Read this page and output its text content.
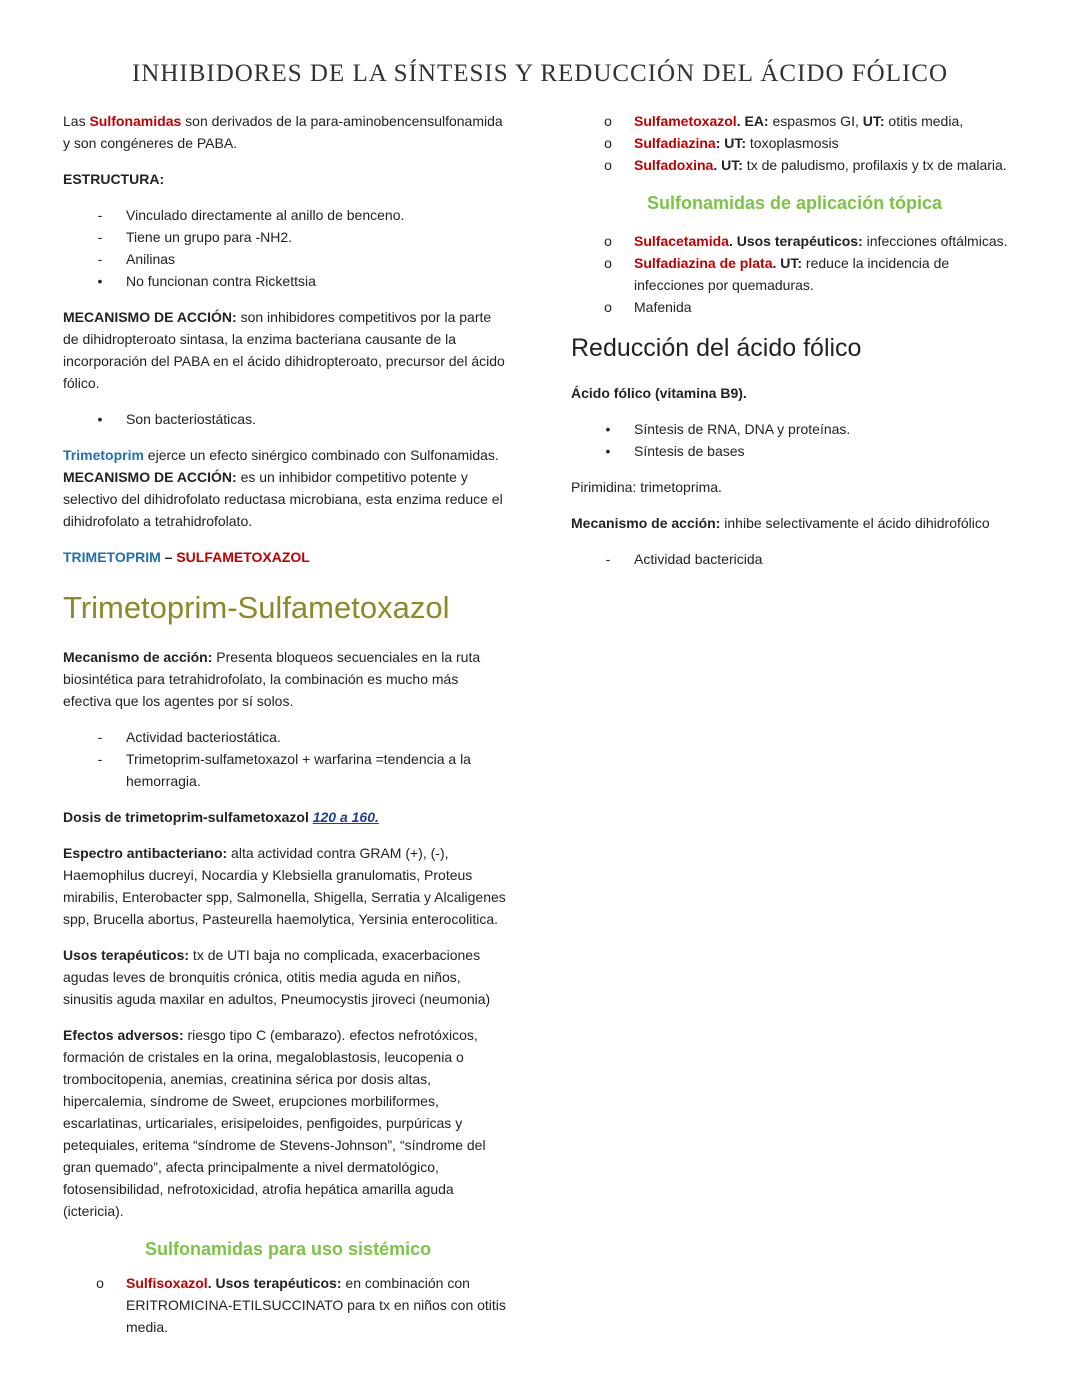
INHIBIDORES DE LA SÍNTESIS Y REDUCCIÓN DEL ÁCIDO FÓLICO

Las Sulfonamidas son derivados de la para-aminobencensulfonamida y son congéneres de PABA.

ESTRUCTURA:

-	Vinculado directamente al anillo de benceno.
-	Tiene un grupo para -NH2.
-	Anilinas
•	No funcionan contra Rickettsia

MECANISMO DE ACCIÓN: son inhibidores competitivos por la parte de dihidropteroato sintasa, la enzima bacteriana causante de la incorporación del PABA en el ácido dihidropteroato, precursor del ácido fólico.

•	Son bacteriostáticas.

Trimetoprim ejerce un efecto sinérgico combinado con Sulfonamidas.
MECANISMO DE ACCIÓN: es un inhibidor competitivo potente y selectivo del dihidrofolato reductasa microbiana, esta enzima reduce el dihidrofolato a tetrahidrofolato.

TRIMETOPRIM – SULFAMETOXAZOL

Trimetoprim-Sulfametoxazol

Mecanismo de acción: Presenta bloqueos secuenciales en la ruta biosintética para tetrahidrofolato, la combinación es mucho más efectiva que los agentes por sí solos.

-	Actividad bacteriostática.
-	Trimetoprim-sulfametoxazol + warfarina =tendencia a la hemorragia.

Dosis de trimetoprim-sulfametoxazol 120 a 160.

Espectro antibacteriano: alta actividad contra GRAM (+), (-), Haemophilus ducreyi, Nocardia y Klebsiella granulomatis, Proteus mirabilis, Enterobacter spp, Salmonella, Shigella, Serratia y Alcaligenes spp, Brucella abortus, Pasteurella haemolytica, Yersinia enterocolitica.

Usos terapéuticos: tx de UTI baja no complicada, exacerbaciones agudas leves de bronquitis crónica, otitis media aguda en niños, sinusitis aguda maxilar en adultos, Pneumocystis jiroveci (neumonia)

Efectos adversos: riesgo tipo C (embarazo). efectos nefrotóxicos, formación de cristales en la orina, megaloblastosis, leucopenia o trombocitopenia, anemias, creatinina sérica por dosis altas, hipercalemia, síndrome de Sweet, erupciones morbiliformes, escarlatinas, urticariales, erisipeloides, penfigoides, purpúricas y petequiales, eritema “síndrome de Stevens-Johnson”, “síndrome del gran quemado”, afecta principalmente a nivel dermatológico, fotosensibilidad, nefrotoxicidad, atrofia hepática amarilla aguda (ictericia).

Sulfonamidas para uso sistémico
o Sulfisoxazol. Usos terapéuticos: en combinación con ERITROMICINA-ETILSUCCINATO para tx en niños con otitis media.
o Sulfametoxazol. EA: espasmos GI, UT: otitis media,
o Sulfadiazina: UT: toxoplasmosis
o Sulfadoxina. UT: tx de paludismo, profilaxis y tx de malaria.
Sulfonamidas de aplicación tópica
o Sulfacetamida. Usos terapéuticos: infecciones oftálmicas.
o Sulfadiazina de plata. UT: reduce la incidencia de infecciones por quemaduras.
o Mafenida
Reducción del ácido fólico

Ácido fólico (vitamina B9).

•	Síntesis de RNA, DNA y proteínas.
•	Síntesis de bases

Pirimidina: trimetoprima.

Mecanismo de acción: inhibe selectivamente el ácido dihidrofólico

-	Actividad bactericida
